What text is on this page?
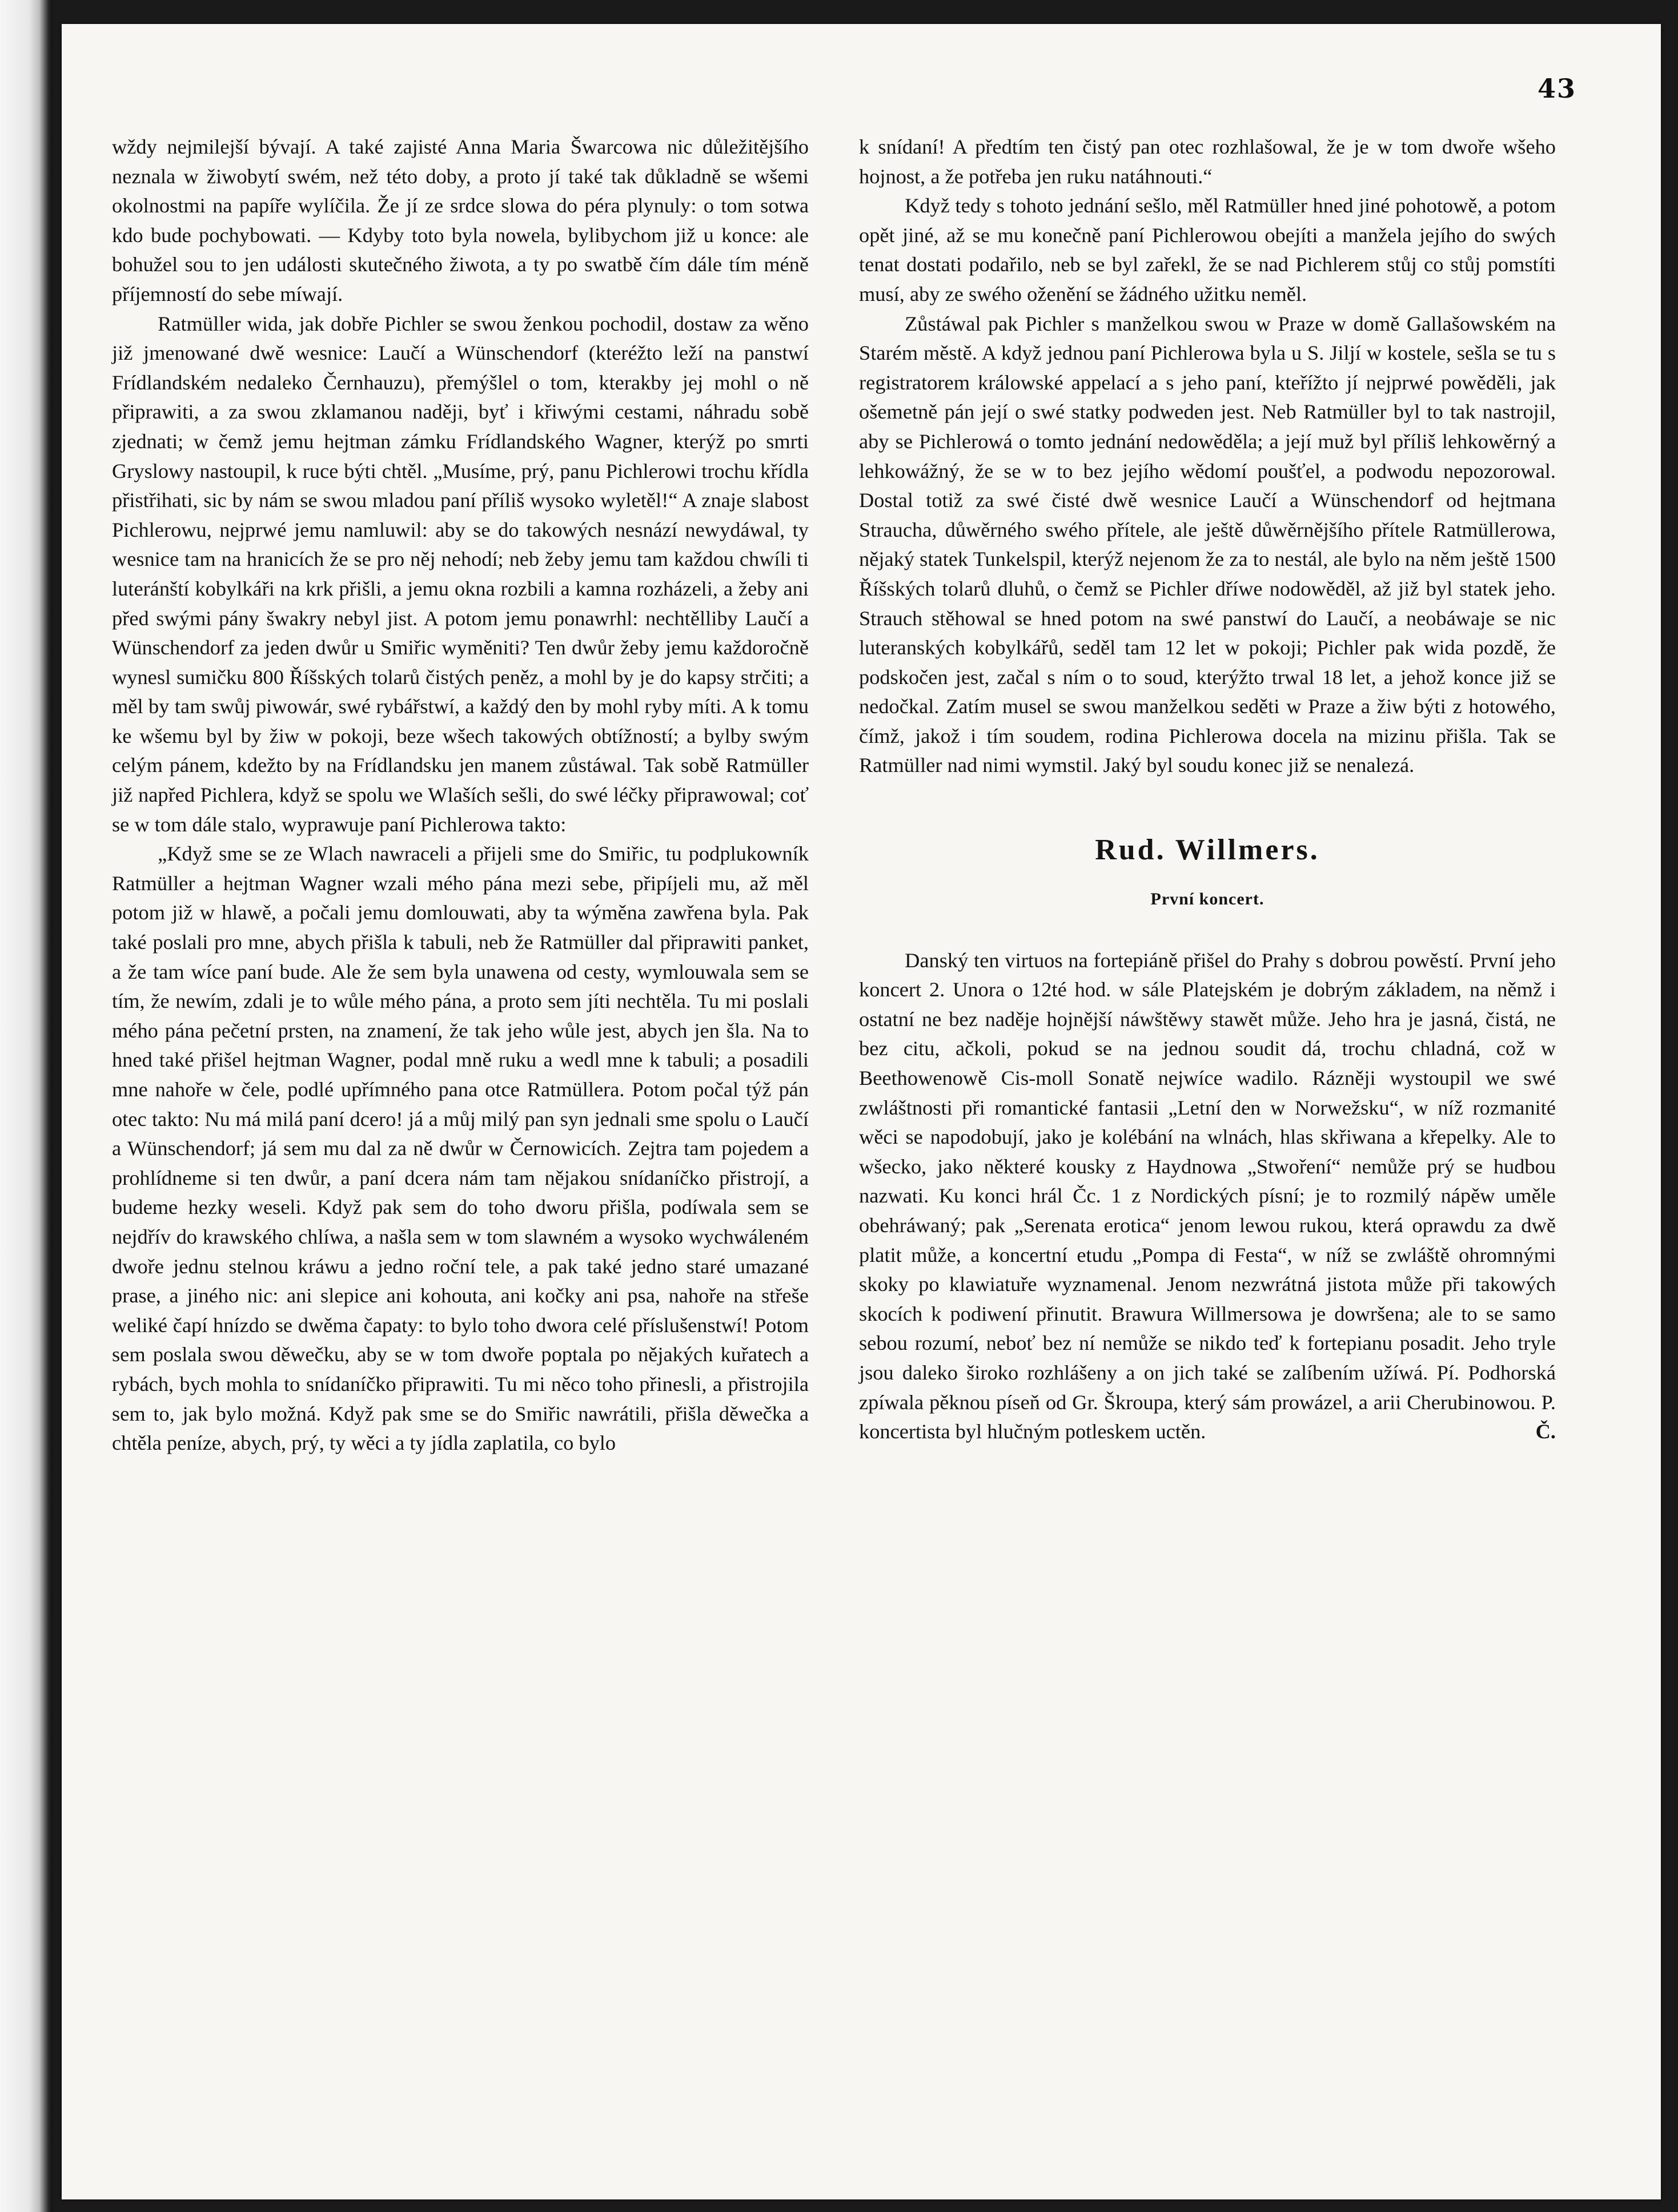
43

wždy nejmilejší bývají. A také zajisté Anna Maria Šwarcowa nic důležitějšího neznala w žiwobytí swém, než této doby, a proto jí také tak důkladně se wšemi okolnostmi na papíře wylíčila. Že jí ze srdce slowa do péra plynuly: o tom sotwa kdo bude pochybowati. — Kdyby toto byla nowela, bylibychom již u konce: ale bohužel sou to jen události skutečného žiwota, a ty po swatbě čím dále tím méně příjemností do sebe míwají.

Ratmüller wida, jak dobře Pichler se swou ženkou pochodil, dostaw za wěno již jmenowané dwě wesnice: Laučí a Wünschendorf (kteréžto leží na panstwí Frídlandském nedaleko Černhauzu), přemýšlel o tom, kterakby jej mohl o ně připrawiti, a za swou zklamanou naději, byť i křiwými cestami, náhradu sobě zjednati; w čemž jemu hejtman zámku Frídlandského Wagner, kterýž po smrti Gryslowy nastoupil, k ruce býti chtěl. „Musíme, prý, panu Pichlerowi trochu křídla přistřihati, sic by nám se swou mladou paní příliš wysoko wyletěl!“ A znaje slabost Pichlerowu, nejprwé jemu namluwil: aby se do takowých nesnází newydáwal, ty wesnice tam na hranicích že se pro něj nehodí; neb žeby jemu tam každou chwíli ti luteránští kobylkáři na krk přišli, a jemu okna rozbili a kamna rozházeli, a žeby ani před swými pány šwakry nebyl jist. A potom jemu ponawrhl: nechtělliby Laučí a Wünschendorf za jeden dwůr u Smiřic wyměniti? Ten dwůr žeby jemu každoročně wynesl sumičku 800 Říšských tolarů čistých peněz, a mohl by je do kapsy strčiti; a měl by tam swůj piwowár, swé rybářstwí, a každý den by mohl ryby míti. A k tomu ke wšemu byl by žiw w pokoji, beze wšech takowých obtížností; a bylby swým celým pánem, kdežto by na Frídlandsku jen manem zůstáwal. Tak sobě Ratmüller již napřed Pichlera, když se spolu we Wlaších sešli, do swé léčky připrawowal; coť se w tom dále stalo, wyprawuje paní Pichlerowa takto:

„Když sme se ze Wlach nawraceli a přijeli sme do Smiřic, tu podplukowník Ratmüller a hejtman Wagner wzali mého pána mezi sebe, připíjeli mu, až měl potom již w hlawě, a počali jemu domlouwati, aby ta wýměna zawřena byla. Pak také poslali pro mne, abych přišla k tabuli, neb že Ratmüller dal připrawiti panket, a že tam wíce paní bude. Ale že sem byla unawena od cesty, wymlouwala sem se tím, že newím, zdali je to wůle mého pána, a proto sem jíti nechtěla. Tu mi poslali mého pána pečetní prsten, na znamení, že tak jeho wůle jest, abych jen šla. Na to hned také přišel hejtman Wagner, podal mně ruku a wedl mne k tabuli; a posadili mne nahoře w čele, podlé upřímného pana otce Ratmüllera. Potom počal týž pán otec takto: Nu má milá paní dcero! já a můj milý pan syn jednali sme spolu o Laučí a Wünschendorf; já sem mu dal za ně dwůr w Černowicích. Zejtra tam pojedem a prohlídneme si ten dwůr, a paní dcera nám tam nějakou snídaníčko přistrojí, a budeme hezky weseli. Když pak sem do toho dworu přišla, podíwala sem se nejdřív do krawského chlíwa, a našla sem w tom slawném a wysoko wychwáleném dwoře jednu stelnou kráwu a jedno roční tele, a pak také jedno staré umazané prase, a jiného nic: ani slepice ani kohouta, ani kočky ani psa, nahoře na střeše weliké čapí hnízdo se dwěma čapaty: to bylo toho dwora celé příslušenstwí! Potom sem poslala swou děwečku, aby se w tom dwoře poptala po nějakých kuřatech a rybách, bych mohla to snídaníčko připrawiti. Tu mi něco toho přinesli, a přistrojila sem to, jak bylo možná. Když pak sme se do Smiřic nawrátili, přišla děwečka a chtěla peníze, abych, prý, ty wěci a ty jídla zaplatila, co bylo

k snídaní! A předtím ten čistý pan otec rozhlašowal, že je w tom dwoře wšeho hojnost, a že potřeba jen ruku natáhnouti.“

Když tedy s tohoto jednání sešlo, měl Ratmüller hned jiné pohotowě, a potom opět jiné, až se mu konečně paní Pichlerowou obejíti a manžela jejího do swých tenat dostati podařilo, neb se byl zařekl, že se nad Pichlerem stůj co stůj pomstíti musí, aby ze swého oženění se žádného užitku neměl.

Zůstáwal pak Pichler s manželkou swou w Praze w domě Gallašowském na Starém městě. A když jednou paní Pichlerowa byla u S. Jiljí w kostele, sešla se tu s registratorem králowské appelací a s jeho paní, kteřížto jí nejprwé powěděli, jak ošemetně pán její o swé statky podweden jest. Neb Ratmüller byl to tak nastrojil, aby se Pichlerowá o tomto jednání nedowěděla; a její muž byl příliš lehkowěrný a lehkowážný, že se w to bez jejího wědomí poušťel, a podwodu nepozorowal. Dostal totiž za swé čisté dwě wesnice Laučí a Wünschendorf od hejtmana Straucha, důwěrného swého přítele, ale ještě důwěrnějšího přítele Ratmüllerowa, nějaký statek Tunkelspil, kterýž nejenom že za to nestál, ale bylo na něm ještě 1500 Říšských tolarů dluhů, o čemž se Pichler dříwe nodowěděl, až již byl statek jeho. Strauch stěhowal se hned potom na swé panstwí do Laučí, a neobáwaje se nic luteranských kobylkářů, seděl tam 12 let w pokoji; Pichler pak wida pozdě, že podskočen jest, začal s ním o to soud, kterýžto trwal 18 let, a jehož konce již se nedočkal. Zatím musel se swou manželkou seděti w Praze a žiw býti z hotowého, čímž, jakož i tím soudem, rodina Pichlerowa docela na mizinu přišla. Tak se Ratmüller nad nimi wymstil. Jaký byl soudu konec již se nenalezá.

Rud. Willmers.
První koncert.

Danský ten virtuos na fortepiáně přišel do Prahy s dobrou powěstí. První jeho koncert 2. Unora o 12té hod. w sále Platejském je dobrým základem, na němž i ostatní ne bez naděje hojnější náwštěwy stawět může. Jeho hra je jasná, čistá, ne bez citu, ačkoli, pokud se na jednou soudit dá, trochu chladná, což w Beethowenowě Cis-moll Sonatě nejwíce wadilo. Rázněji wystoupil we swé zwláštnosti při romantické fantasii „Letní den w Norwežsku“, w níž rozmanité wěci se napodobují, jako je kolébání na wlnách, hlas skřiwana a křepelky. Ale to wšecko, jako některé kousky z Haydnowa „Stwoření“ nemůže prý se hudbou nazwati. Ku konci hrál Čc. 1 z Nordických písní; je to rozmilý nápěw uměle obehráwaný; pak „Serenata erotica“ jenom lewou rukou, která oprawdu za dwě platit může, a koncertní etudu „Pompa di Festa“, w níž se zwláště ohromnými skoky po klawiatuře wyznamenal. Jenom nezwrátná jistota může při takowých skocích k podiwení přinutit. Brawura Willmersowa je dowršena; ale to se samo sebou rozumí, neboť bez ní nemůže se nikdo teď k fortepianu posadit. Jeho tryle jsou daleko široko rozhlášeny a on jich také se zalíbením užíwá. Pí. Podhorská zpíwala pěknou píseň od Gr. Škroupa, který sám prowázel, a arii Cherubinowou. P. koncertista byl hlučným potleskem uctěn.	Č.
